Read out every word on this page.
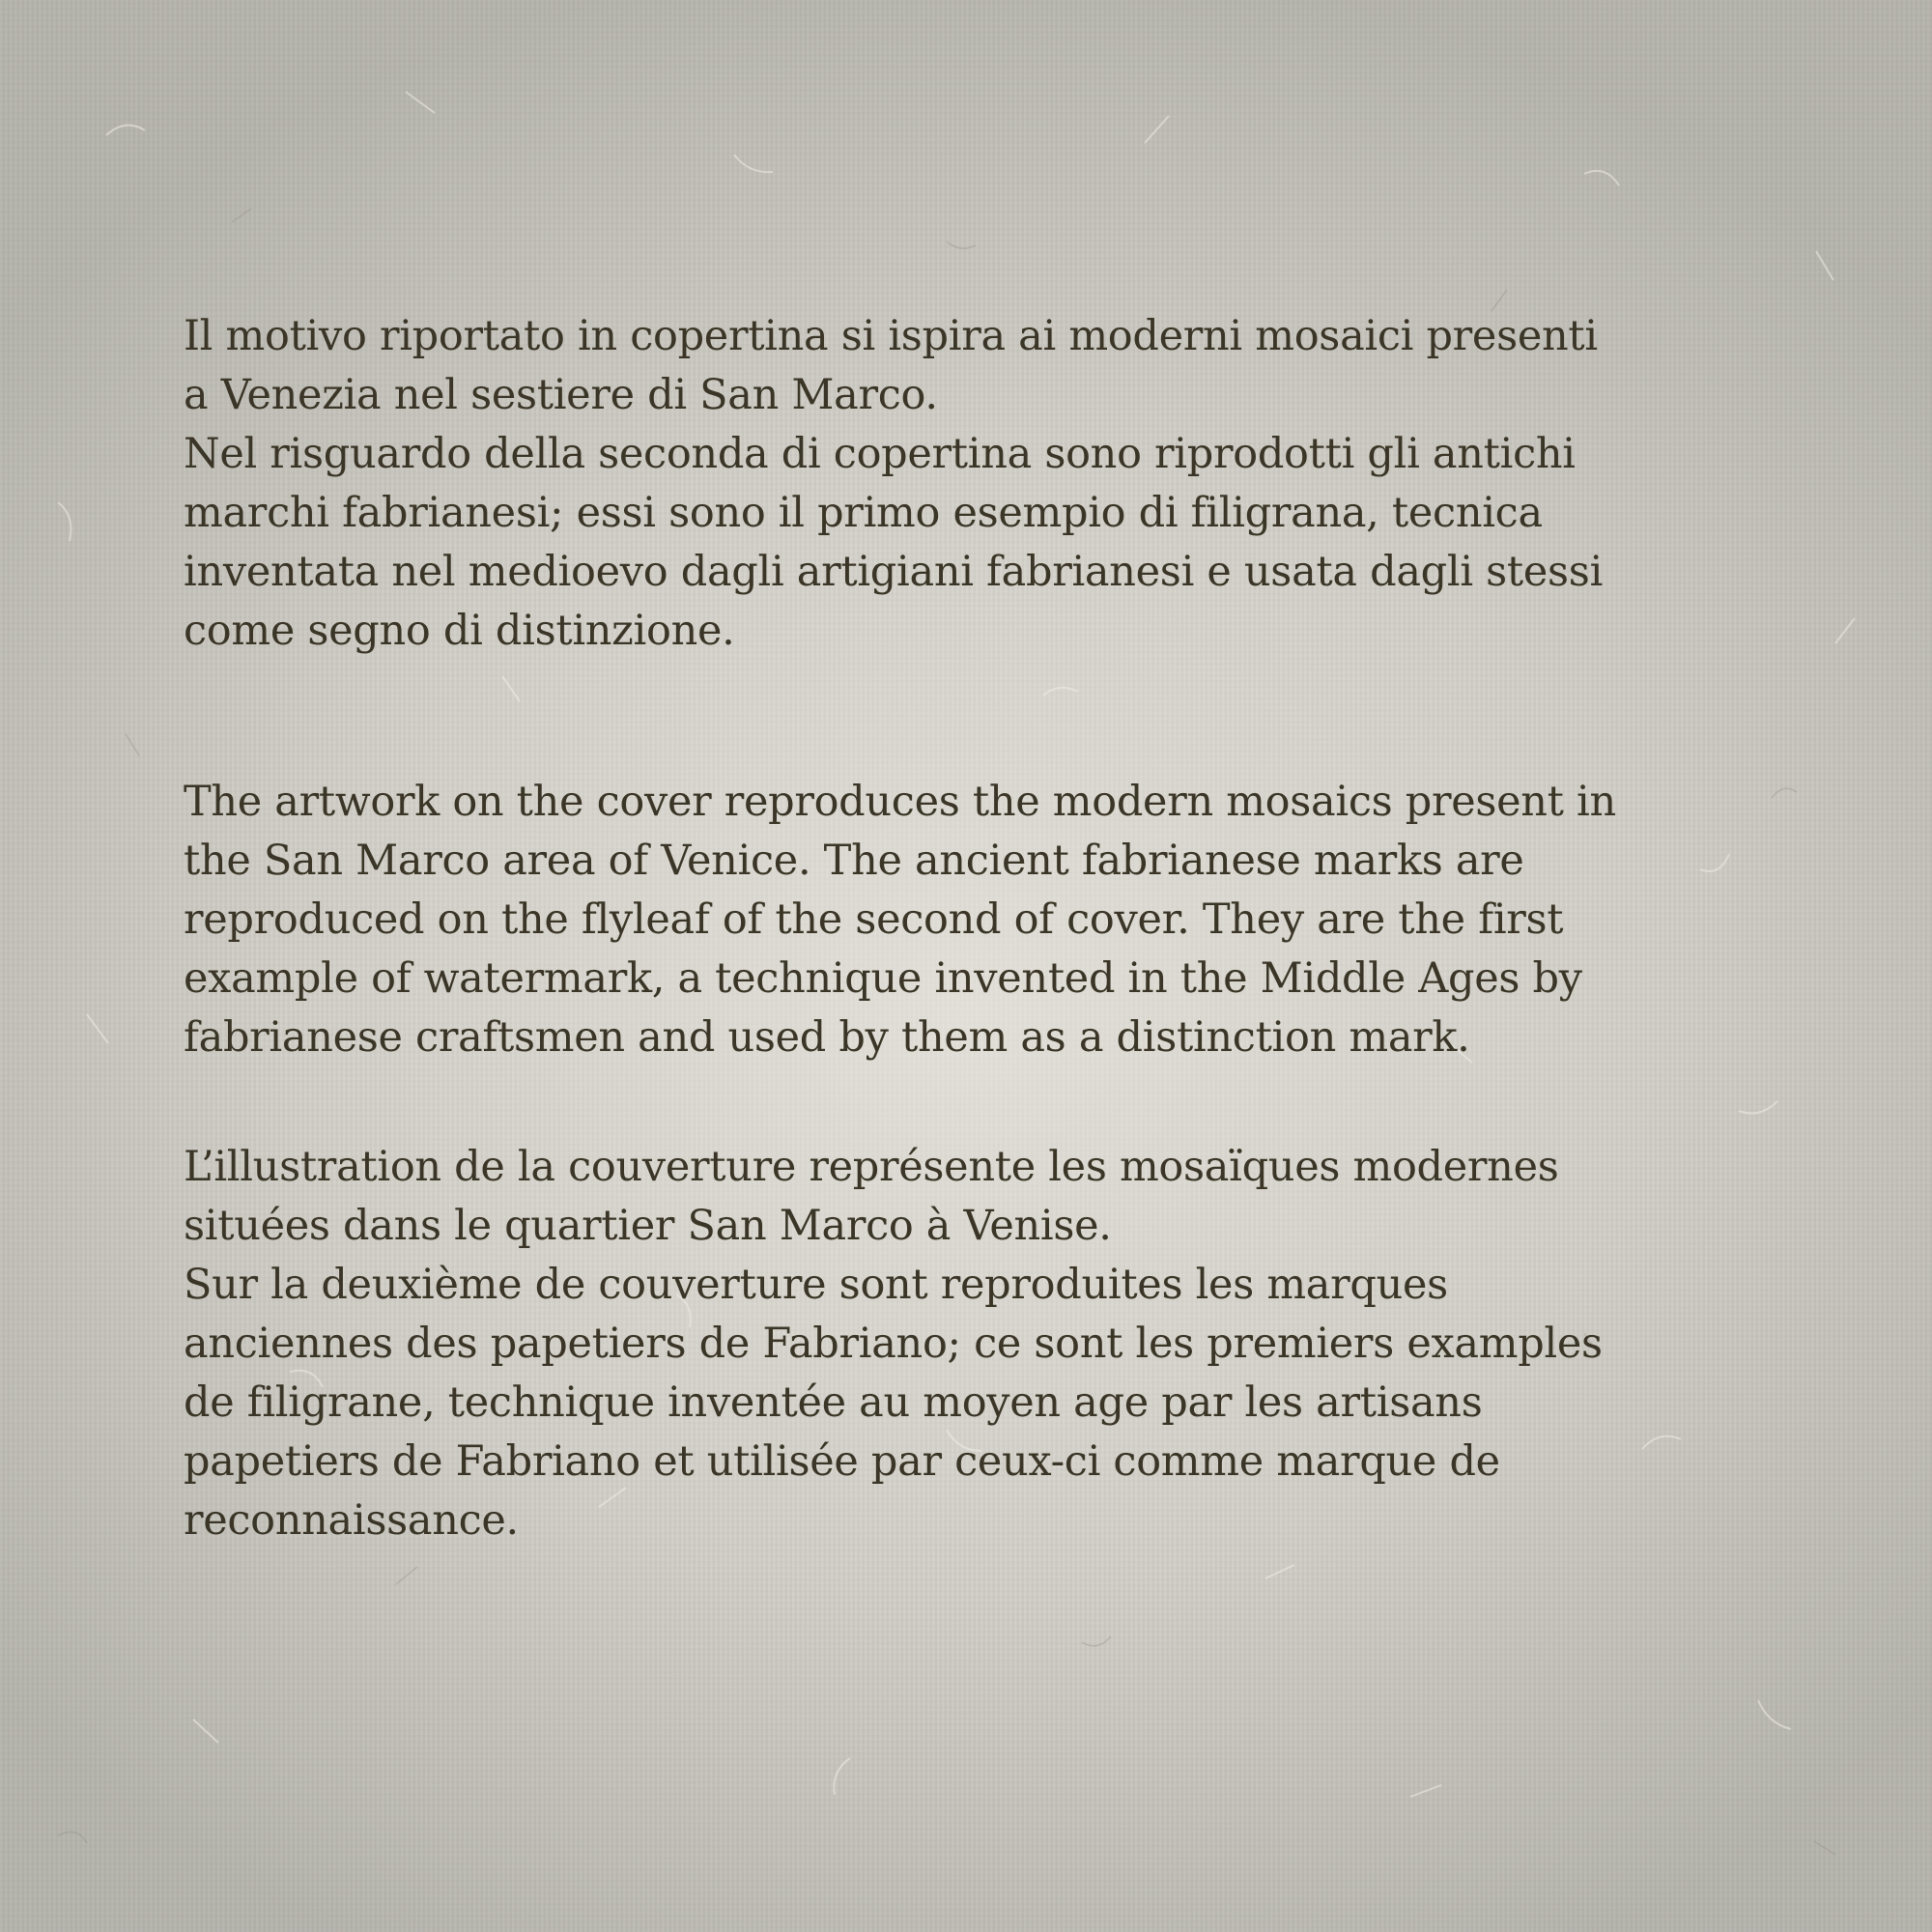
Il motivo riportato in copertina si ispira ai moderni mosaici presenti
a Venezia nel sestiere di San Marco.
Nel risguardo della seconda di copertina sono riprodotti gli antichi
marchi fabrianesi; essi sono il primo esempio di filigrana, tecnica
inventata nel medioevo dagli artigiani fabrianesi e usata dagli stessi
come segno di distinzione.

The artwork on the cover reproduces the modern mosaics present in
the San Marco area of Venice. The ancient fabrianese marks are
reproduced on the flyleaf of the second of cover. They are the first
example of watermark, a technique invented in the Middle Ages by
fabrianese craftsmen and used by them as a distinction mark.

L’illustration de la couverture représente les mosaïques modernes
situées dans le quartier San Marco à Venise.
Sur la deuxième de couverture sont reproduites les marques
anciennes des papetiers de Fabriano; ce sont les premiers examples
de filigrane, technique inventée au moyen age par les artisans
papetiers de Fabriano et utilisée par ceux-ci comme marque de
reconnaissance.
